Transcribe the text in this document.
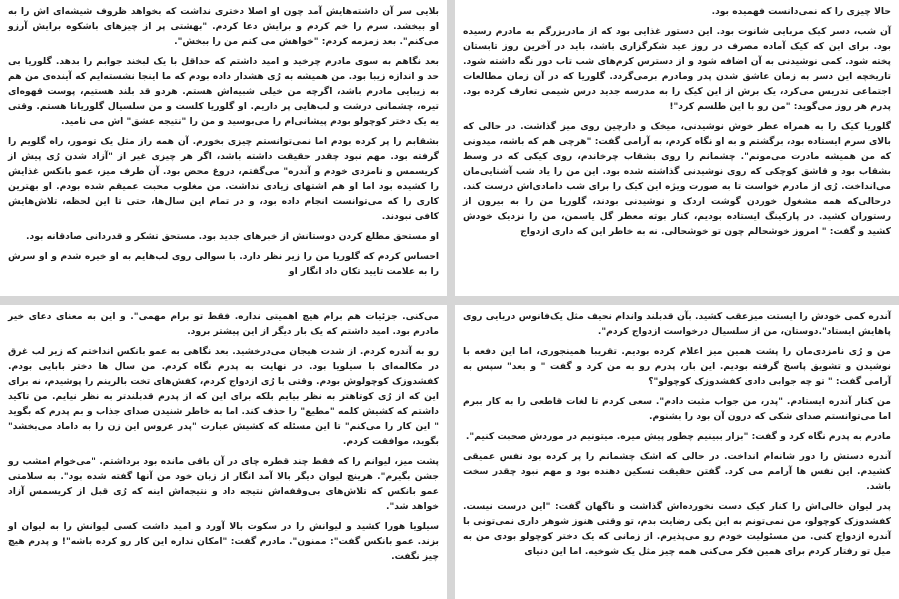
بلایی سر آن داشته‌هایش آمد چون او اصلا دختری نداشت که بخواهد ظروف شیشه‌ای اش را به او ببخشد. سرم را خم کردم و برایش دعا کردم. "بهشتی پر از چیزهای باشکوه برایش آرزو می‌کنم". بعد زمزمه کردم: "خواهش می کنم من را ببخش".

بعد نگاهم به سوی مادرم چرخید و امید داشتم که حداقل با یک لبخند جوابم را بدهد. گلوریا بی حد و اندازه زیبا بود. من همیشه به رُی هشدار داده بودم که ما اینجا نشسته‌ایم که آینده‌ی من هم به زیبایی مادرم باشد، اگرچه من خیلی شبیه‌اش هستم. هردو قد بلند هستیم، پوست قهوه‌ای تیره، چشمانی درشت و لب‌هایی پر داریم. او گلوریا کلست و من سلسیال گلوریانا هستم. وقتی یه یک دختر کوچولو بودم پیشانی‌ام را می‌بوسید و من را "نتیجه عشق" اش می نامید.

بشقابم را پر کرده بودم اما نمی‌توانستم چیزی بخورم. آن همه راز مثل یک تومور، راه گلویم را گرفته بود. مهم نبود چقدر حقیقت داشته باشد، اگر هر چیزی غیر از "آزاد شدن رُی پیش از کریسمس و نامزدی خودم و آندره" می‌گفتم، دروغ محض بود. آن طرف میز، عمو بانکس غذایش را کشیده بود اما او هم اشتهای زیادی نداشت. من مغلوب محبت عمیقم شده بودم. او بهترین کاری را که می‌توانست انجام داده بود، و در تمام این سال‌ها، حتی تا این لحظه، تلاش‌هایش کافی نبودند.

او مستحق مطلع کردن دوستانش از خبرهای جدید بود. مستحق تشکر و قدردانی صادقانه بود.

احساس کردم که گلوریا من را زیر نظر دارد. با سوالی روی لب‌هایم به او خیره شدم و او سرش را به علامت تایید تکان داد انگار او

حالا چیزی را که نمی‌دانست فهمیده بود.

آن شب، دسر کیک مربایی شانوت بود. این دستور غذایی بود که از مادربزرگم به مادرم رسیده بود. برای این که کیک آماده مصرف در روز عید شکرگزاری باشد، باید در آخرین روز تابستان پخته شود. کمی نوشیدنی به آن اضافه شود و از دسترس کرم‌های شب تاب دور نگه داشته شود. تاریخچه این دسر به زمان عاشق شدن پدر ومادرم برمی‌گردد. گلوریا که در آن زمان مطالعات اجتماعی تدریس می‌کرد، یک برش از این کیک را به مدرسه جدید درس شیمی تعارف کرده بود. پدرم هر روز می‌گوید: "من رو با این طلسم کرد"!

گلوریا کیک را به همراه عطر خوش نوشیدنی، میخک و دارچین روی میز گذاشت. در حالی که بالای سرم ایستاده بود، برگشتم و به او نگاه کردم، به آرامی گفت: "هرچی هم که باشه، میدونی که من همیشه مادرت می‌مونم". چشمانم را روی بشقاب چرخاندم، روی کیکی که در وسط بشقاب بود و قاشق کوچکی که روی نوشیدنی گذاشته شده بود. این من را یاد شب آشنایی‌مان می‌انداخت. رُی از مادرم خواست تا به صورت ویژه این کیک را برای شب دامادی‌اش درست کند. درحالی‌که همه مشغول خوردن گوشت اردک و نوشیدنی بودند، گلوریا من را به بیرون از رستوران کشید. در پارکینگ ایستاده بودیم، کنار بوته معطر گل یاسمن، من را نزدیک خودش کشید و گفت: " امروز خوشحالم چون تو خوشحالی. نه به خاطر این که داری ازدواج

می‌کنی. جزئیات هم برام هیچ اهمیتی نداره. فقط تو برام مهمی". و این به معنای دعای خیر مادرم بود. امید داشتم که یک بار دیگر از این پیشتر برود.

رو به آندره کردم. از شدت هیجان می‌درخشید. بعد نگاهی به عمو بانکس انداختم که زیر لب غرق در مکالمه‌ای با سیلویا بود. در نهایت به پدرم نگاه کردم. من سال ها دختر بابایی بودم. کفشدوزک کوچولوش بودم. وقتی با رُی ازدواج کردم، کفش‌های تخت بالرینم را پوشیدم، نه برای این که از رُی کوتاهتر به نظر بیایم بلکه برای این که از پدرم قدبلندتر به نظر نیایم. من تاکید داشتم که کشیش کلمه "مطیع" را حذف کند. اما به خاطر شنیدن صدای جذاب و بم پدرم که بگوید " این کار را می‌کنم" تا این مسئله که کشیش عبارت "پدر عروس این زن را به داماد می‌بخشد" بگوید، موافقت کردم.

پشت میز، لیوانم را که فقط چند قطره چای در آن باقی مانده بود برداشتم. "می‌خوام امشب رو جشن بگیرم". هرینچ لیوان دیگر بالا آمد انگار از زبان خود من آنها گفته شده بود". به سلامتی عمو بانکس که تلاش‌های بی‌وقفه‌اش نتیجه داد و نتیجه‌اش اینه که رُی قبل از کریسمس آزاد خواهد شد".

سیلویا هورا کشید و لیوانش را در سکوت بالا آورد و امید داشت کسی لیوانش را به لیوان او بزند. عمو بانکس گفت": ممنون". مادرم گفت: "امکان نداره این کار رو کرده باشه"! و پدرم هیچ چیز نگفت.

آندره کمی خودش را ایستت میزعقب کشید. بآن قدبلند واندام نحیف مثل یک‌فانوس دریایی روی پاهایش ایستاد".دوستان، من از سلسیال درخواست ازدواج کردم".

من و رُی نامزدی‌مان را پشت همین میز اعلام کرده بودیم. تقریبا همینجوری، اما این دفعه با نوشیدن و تشویق پاسخ گرفته بودیم. این بار، پدرم رو به من کرد و گفت " و بعد" سپس به آرامی گفت: " تو چه جوابی دادی کفشدوزک کوچولو"؟

من کنار آندره ایستادم. "پدر، من جواب مثبت دادم". سعی کردم تا لغات قاطعی را به کار ببرم اما می‌توانستم صدای شکی که درون آن بود را بشنوم.

مادرم به پدرم نگاه کرد و گفت: "بزار ببینیم چطور پیش میره. میتونیم در موردش صحبت کنیم".

آندره دستش را دور شانه‌ام انداخت. در حالی که اشک چشمانم را پر کرده بود نفس عمیقی کشیدم. این نفس ها آرامم می کرد. گفتن حقیقت تسکین دهنده بود و مهم نبود چقدر سخت باشد.

پدر لیوان خالی‌اش را کنار کیک دست نخورده‌اش گذاشت و ناگهان گفت: "این درست نیست. کفشدوزک کوچولو، من نمی‌تونم به این یکی رضایت بدم، تو وقتی هنوز شوهر داری نمی‌تونی با آندره ازدواج کنی. من مسئولیت خودم رو می‌پذیرم. از زمانی که یک دختر کوچولو بودی من به میل تو رفتار کردم برای همین فکر می‌کنی همه چیز مثل یک شوخیه. اما این دنیای
